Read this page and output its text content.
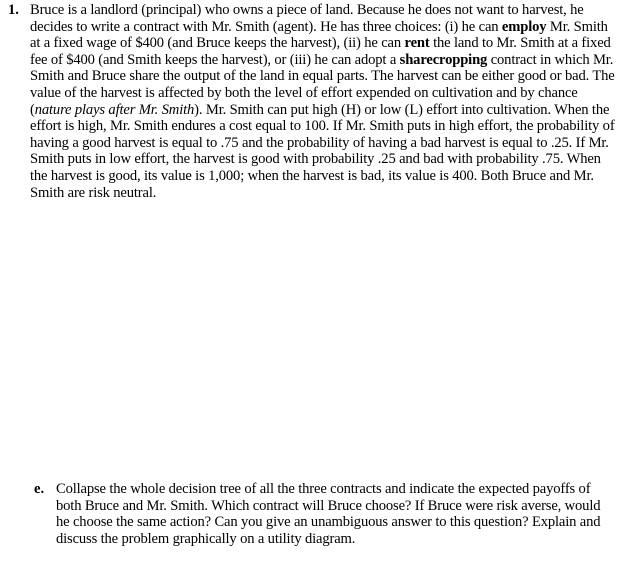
1. Bruce is a landlord (principal) who owns a piece of land. Because he does not want to harvest, he decides to write a contract with Mr. Smith (agent). He has three choices: (i) he can employ Mr. Smith at a fixed wage of $400 (and Bruce keeps the harvest), (ii) he can rent the land to Mr. Smith at a fixed fee of $400 (and Smith keeps the harvest), or (iii) he can adopt a sharecropping contract in which Mr. Smith and Bruce share the output of the land in equal parts. The harvest can be either good or bad. The value of the harvest is affected by both the level of effort expended on cultivation and by chance (nature plays after Mr. Smith). Mr. Smith can put high (H) or low (L) effort into cultivation. When the effort is high, Mr. Smith endures a cost equal to 100. If Mr. Smith puts in high effort, the probability of having a good harvest is equal to .75 and the probability of having a bad harvest is equal to .25. If Mr. Smith puts in low effort, the harvest is good with probability .25 and bad with probability .75. When the harvest is good, its value is 1,000; when the harvest is bad, its value is 400. Both Bruce and Mr. Smith are risk neutral.
e. Collapse the whole decision tree of all the three contracts and indicate the expected payoffs of both Bruce and Mr. Smith. Which contract will Bruce choose? If Bruce were risk averse, would he choose the same action? Can you give an unambiguous answer to this question? Explain and discuss the problem graphically on a utility diagram.
